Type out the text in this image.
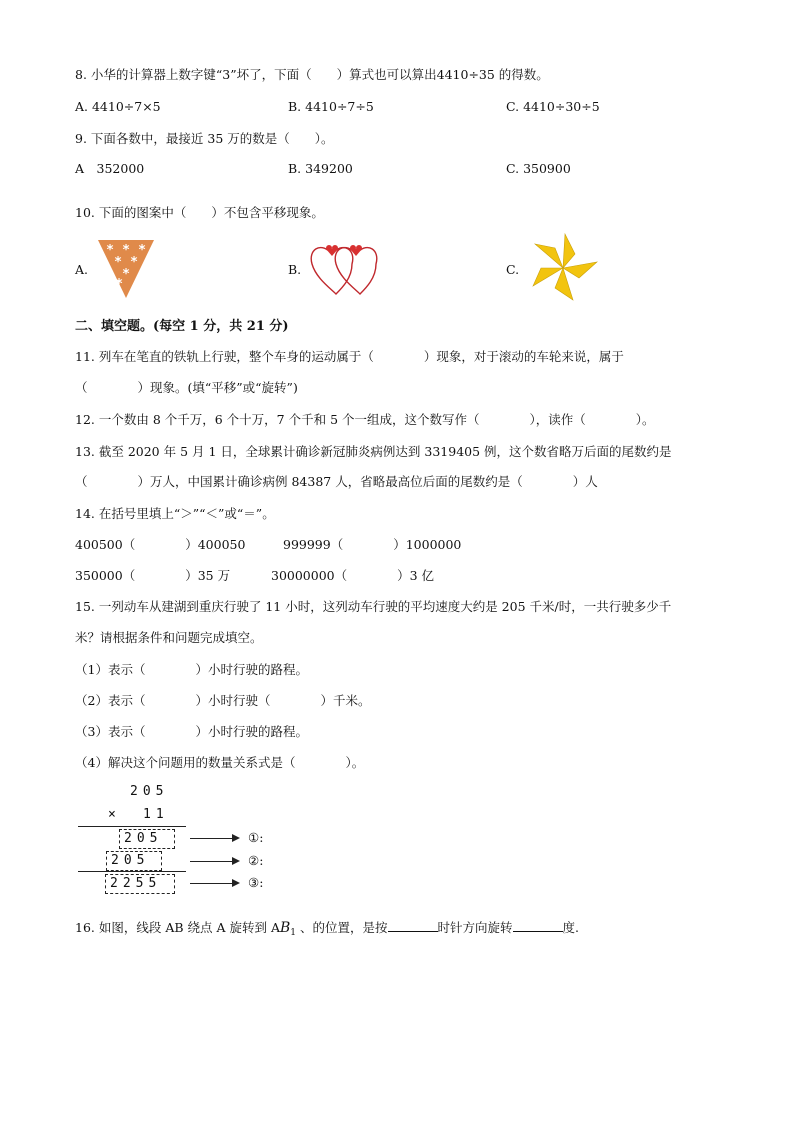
8. 小华的计算器上数字键“3”坏了，下面（　　）算式也可以算出4410÷35 的得数。
A. 4410÷7×5	B. 4410÷7÷5	C. 4410÷30÷5
9. 下面各数中，最接近 35 万的数是（　　）。
A　352000	B. 349200	C. 350900
10. 下面的图案中（　　）不包含平移现象。
A.	B.	C.
* * *
* *
*
*
二、填空题。(每空 1 分，共 21 分)
11. 列车在笔直的铁轨上行驶，整个车身的运动属于（　　　　）现象，对于滚动的车轮来说，属于
（　　　　）现象。(填“平移”或“旋转”)
12. 一个数由 8 个千万，6 个十万，7 个千和 5 个一组成，这个数写作（　　　　），读作（　　　　）。
13. 截至 2020 年 5 月 1 日，全球累计确诊新冠肺炎病例达到 3319405 例，这个数省略万后面的尾数约是
（　　　　）万人，中国累计确诊病例 84387 人，省略最高位后面的尾数约是（　　　　）人
14. 在括号里填上“＞”“＜”或“＝”。
400500（　　　　）400050	999999（　　　　）1000000
350000（　　　　）35 万	30000000（　　　　）3 亿
15. 一列动车从建湖到重庆行驶了 11 小时，这列动车行驶的平均速度大约是 205 千米/时，一共行驶多少千
米？请根据条件和问题完成填空。
（1）表示（　　　　）小时行驶的路程。
（2）表示（　　　　）小时行驶（　　　　）千米。
（3）表示（　　　　）小时行驶的路程。
（4）解决这个问题用的数量关系式是（　　　　）。
205
× 11
205
205
2255
①:
②:
③:
16. 如图，线段 AB 绕点 A 旋转到 $AB_1$ 、的位置，是按	时针方向旋转	度.
